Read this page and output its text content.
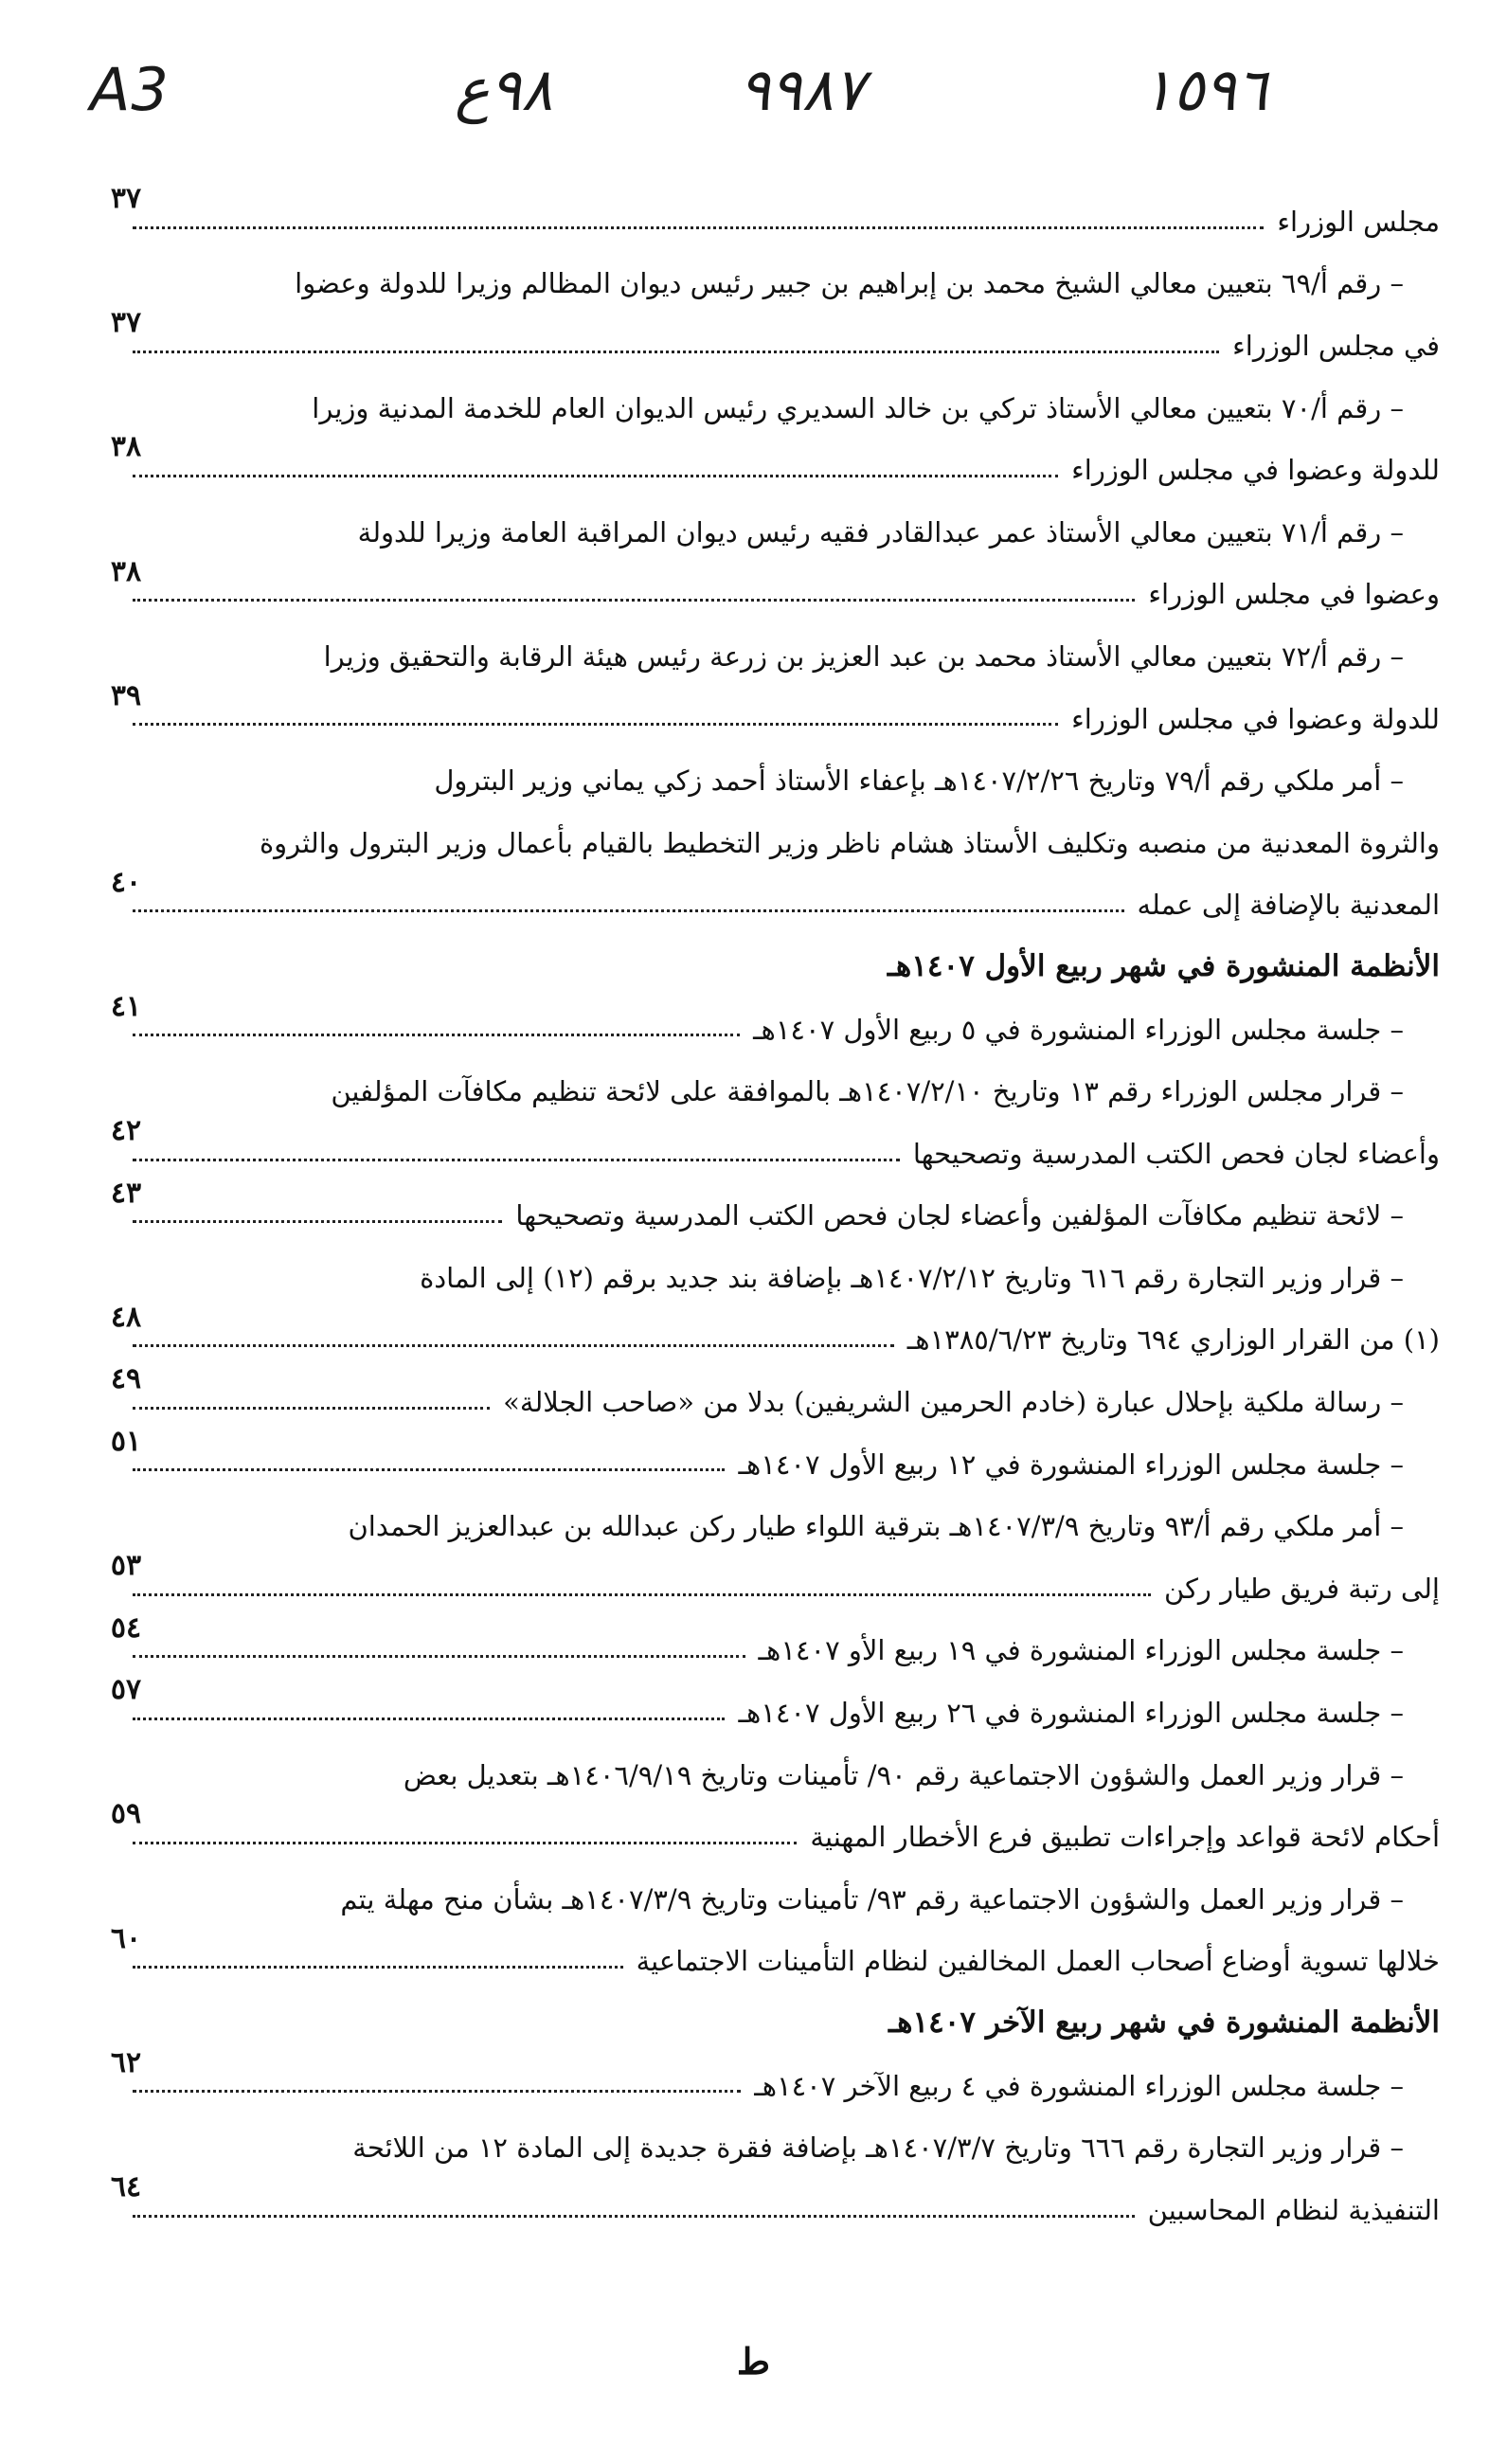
A3	٩٨ع	٩٩٨٧	١٥٩٦
مجلس الوزراء
٣٧
– رقم أ/٦٩ بتعيين معالي الشيخ محمد بن إبراهيم بن جبير رئيس ديوان المظالم وزيرا للدولة وعضوا
في مجلس الوزراء
٣٧
– رقم أ/٧٠ بتعيين معالي الأستاذ تركي بن خالد السديري رئيس الديوان العام للخدمة المدنية وزيرا
للدولة وعضوا في مجلس الوزراء
٣٨
– رقم أ/٧١ بتعيين معالي الأستاذ عمر عبدالقادر فقيه رئيس ديوان المراقبة العامة وزيرا للدولة
وعضوا في مجلس الوزراء
٣٨
– رقم أ/٧٢ بتعيين معالي الأستاذ محمد بن عبد العزيز بن زرعة رئيس هيئة الرقابة والتحقيق وزيرا
للدولة وعضوا في مجلس الوزراء
٣٩
– أمر ملكي رقم أ/٧٩ وتاريخ ١٤٠٧/٢/٢٦هـ بإعفاء الأستاذ أحمد زكي يماني وزير البترول
والثروة المعدنية من منصبه وتكليف الأستاذ هشام ناظر وزير التخطيط بالقيام بأعمال وزير البترول والثروة
المعدنية بالإضافة إلى عمله
٤٠
الأنظمة المنشورة في شهر ربيع الأول ١٤٠٧هـ
– جلسة مجلس الوزراء المنشورة في ٥ ربيع الأول ١٤٠٧هـ
٤١
– قرار مجلس الوزراء رقم ١٣ وتاريخ ١٤٠٧/٢/١٠هـ بالموافقة على لائحة تنظيم مكافآت المؤلفين
وأعضاء لجان فحص الكتب المدرسية وتصحيحها
٤٢
– لائحة تنظيم مكافآت المؤلفين وأعضاء لجان فحص الكتب المدرسية وتصحيحها
٤٣
– قرار وزير التجارة رقم ٦١٦ وتاريخ ١٤٠٧/٢/١٢هـ بإضافة بند جديد برقم (١٢) إلى المادة
(١) من القرار الوزاري ٦٩٤ وتاريخ ١٣٨٥/٦/٢٣هـ
٤٨
– رسالة ملكية بإحلال عبارة (خادم الحرمين الشريفين) بدلا من «صاحب الجلالة»
٤٩
– جلسة مجلس الوزراء المنشورة في ١٢ ربيع الأول ١٤٠٧هـ
٥١
– أمر ملكي رقم أ/٩٣ وتاريخ ١٤٠٧/٣/٩هـ بترقية اللواء طيار ركن عبدالله بن عبدالعزيز الحمدان
إلى رتبة فريق طيار ركن
٥٣
– جلسة مجلس الوزراء المنشورة في ١٩ ربيع الأو ١٤٠٧هـ
٥٤
– جلسة مجلس الوزراء المنشورة في ٢٦ ربيع الأول ١٤٠٧هـ
٥٧
– قرار وزير العمل والشؤون الاجتماعية رقم ٩٠/ تأمينات وتاريخ ١٤٠٦/٩/١٩هـ بتعديل بعض
أحكام لائحة قواعد وإجراءات تطبيق فرع الأخطار المهنية
٥٩
– قرار وزير العمل والشؤون الاجتماعية رقم ٩٣/ تأمينات وتاريخ ١٤٠٧/٣/٩هـ بشأن منح مهلة يتم
خلالها تسوية أوضاع أصحاب العمل المخالفين لنظام التأمينات الاجتماعية
٦٠
الأنظمة المنشورة في شهر ربيع الآخر ١٤٠٧هـ
– جلسة مجلس الوزراء المنشورة في ٤ ربيع الآخر ١٤٠٧هـ
٦٢
– قرار وزير التجارة رقم ٦٦٦ وتاريخ ١٤٠٧/٣/٧هـ بإضافة فقرة جديدة إلى المادة ١٢ من اللائحة
التنفيذية لنظام المحاسبين
٦٤
ط
